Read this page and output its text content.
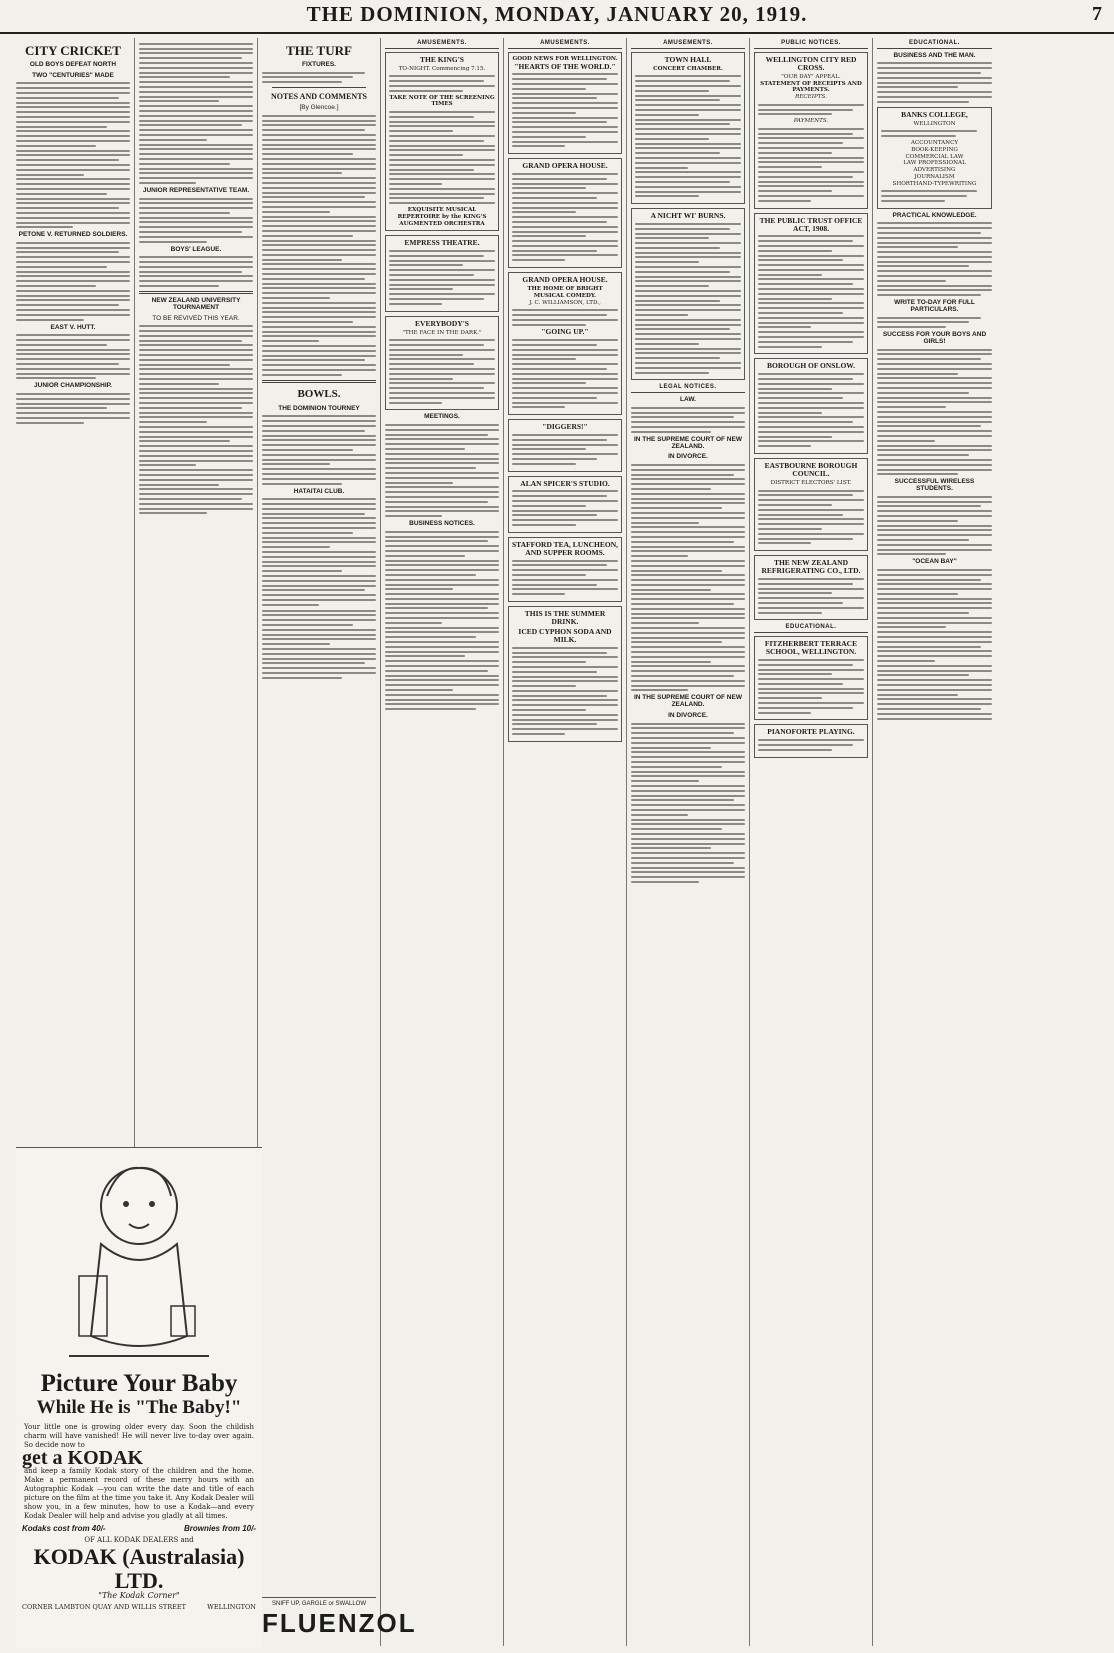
THE DOMINION, MONDAY, JANUARY 20, 1919.	7
CITY CRICKET
OLD BOYS DEFEAT NORTH
TWO "CENTURIES" MADE
PETONE V. RETURNED SOLDIERS.
EAST V. HUTT.
JUNIOR CHAMPIONSHIP.
Picture Your Baby
While He is "The Baby!"
Your little one is growing older every day. Soon the childish charm will have vanished! He will never live to-day over again. So decide now to
get a KODAK
and keep a family Kodak story of the children and the home. Make a permanent record of these merry hours with an Autographic Kodak —you can write the date and title of each picture on the film at the time you take it. Any Kodak Dealer will show you, in a few minutes, how to use a Kodak—and every Kodak Dealer will help and advise you gladly at all times.
Kodaks cost from 40/-	Brownies from 10/-
OF ALL KODAK DEALERS and
KODAK (Australasia) LTD.
"The Kodak Corner"
CORNER LAMBTON QUAY AND WILLIS STREET	WELLINGTON
JUNIOR REPRESENTATIVE TEAM.
BOYS' LEAGUE.
NEW ZEALAND UNIVERSITY TOURNAMENT
TO BE REVIVED THIS YEAR.
THE TURF
FIXTURES.
NOTES AND COMMENTS
[By Glencoe.]
BOWLS.
THE DOMINION TOURNEY
HATAITAI CLUB.
SNIFF UP, GARGLE or SWALLOW
FLUENZOL
AMUSEMENTS.
THE KING'S
TO-NIGHT. Commencing 7.15.
TAKE NOTE OF THE SCREENING TIMES
EXQUISITE MUSICAL REPERTOIRE by the KING'S AUGMENTED ORCHESTRA
EMPRESS THEATRE.
EVERYBODY'S
"THE FACE IN THE DARK."
MEETINGS.
BUSINESS NOTICES.
AMUSEMENTS.
GOOD NEWS FOR WELLINGTON.
"HEARTS OF THE WORLD."
GRAND OPERA HOUSE.
GRAND OPERA HOUSE.
THE HOME OF BRIGHT MUSICAL COMEDY.
J. C. WILLIAMSON, LTD.,
"GOING UP."
"DIGGERS!"
ALAN SPICER'S STUDIO.
STAFFORD TEA, LUNCHEON, AND SUPPER ROOMS.
THIS IS THE SUMMER DRINK.
ICED CYPHON SODA AND MILK.
AMUSEMENTS.
TOWN HALL
CONCERT CHAMBER.
A NICHT WI' BURNS.
LEGAL NOTICES.
LAW.
IN THE SUPREME COURT OF NEW ZEALAND.
IN DIVORCE.
IN THE SUPREME COURT OF NEW ZEALAND.
IN DIVORCE.
PUBLIC NOTICES.
WELLINGTON CITY RED CROSS.
"OUR DAY" APPEAL.
STATEMENT OF RECEIPTS AND PAYMENTS.
RECEIPTS.
PAYMENTS.
THE PUBLIC TRUST OFFICE ACT, 1908.
BOROUGH OF ONSLOW.
EASTBOURNE BOROUGH COUNCIL.
DISTRICT ELECTORS' LIST.
THE NEW ZEALAND REFRIGERATING CO., LTD.
EDUCATIONAL.
FITZHERBERT TERRACE SCHOOL, WELLINGTON.
PIANOFORTE PLAYING.
EDUCATIONAL.
BUSINESS AND THE MAN.
BANKS COLLEGE,
WELLINGTON
ACCOUNTANCY
BOOK-KEEPING
COMMERCIAL LAW
LAW PROFESSIONAL
ADVERTISING
JOURNALISM
SHORTHAND-TYPEWRITING
PRACTICAL KNOWLEDGE.
WRITE TO-DAY FOR FULL PARTICULARS.
SUCCESS FOR YOUR BOYS AND GIRLS!
SUCCESSFUL WIRELESS STUDENTS.
"OCEAN BAY"
